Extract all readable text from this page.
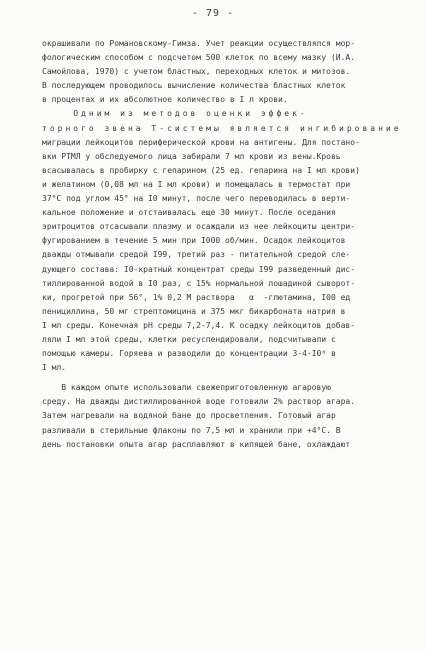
- 79 -
окрашивали по Романовскому-Гимза. Учет реакции осуществлялся мор-
фологическим способом с подсчетом 500 клеток по всему мазку (И.А.
Самойлова, 1970) с учетом бластных, переходных клеток и митозов.
В последующем проводилось вычисление количества бластных клеток
в процентах и их абсолютное количество в I л крови.
Одним из методов оценки эффек-
торного звена Т-системы является ингибирование
миграции лейкоцитов периферической крови на антигены. Для постано-
вки РТМЛ у обследуемого лица забирали 7 мл крови из вены.Кровь
всасывалась в пробирку с гепарином (25 ед. гепарина на I мл крови)
и желатином (0,08 мл на I мл крови) и помещалась в термостат при
37°С под углом 45° на I0 минут, после чего переводилась в верти-
кальное положение и отстаивалась еще 30 минут. После оседания
эритроцитов отсасывали плазму и осаждали из нее лейкоциты центри-
фугированием в течение 5 мин при I000 об/мин. Осадок лейкоцитов
дважды отмывали средой I99, третий раз - питательной средой сле-
дующего состава: I0-кратный концентрат среды I99 разведенный дис-
тиллированной водой в I0 раз, с 15% нормальной лошадиной сыворот-
ки, прогретой при 56°, 1% 0,2 М раствора   α  -глютамина, I00 ед
пенициллина, 50 мг стрептомицина и 375 мкг бикарбоната натрия в
I мл среды. Конечная рН среды 7,2-7,4. К осадку лейкоцитов добав-
ляли I мл этой среды, клетки ресуспендировали, подсчитывали с
помощью камеры. Горяева и разводили до концентрации 3-4·I0⁶ в
I мл.
В каждом опыте использовали свежеприготовленную агаровую
среду. На дважды дистиллированной воде готовили 2% раствор агара.
Затем нагревали на водяной бане до просветления. Готовый агар
разливали в стерильные флаконы по 7,5 мл и хранили при +4°С. В
день постановки опыта агар расплавляют в кипящей бане, охлаждают
